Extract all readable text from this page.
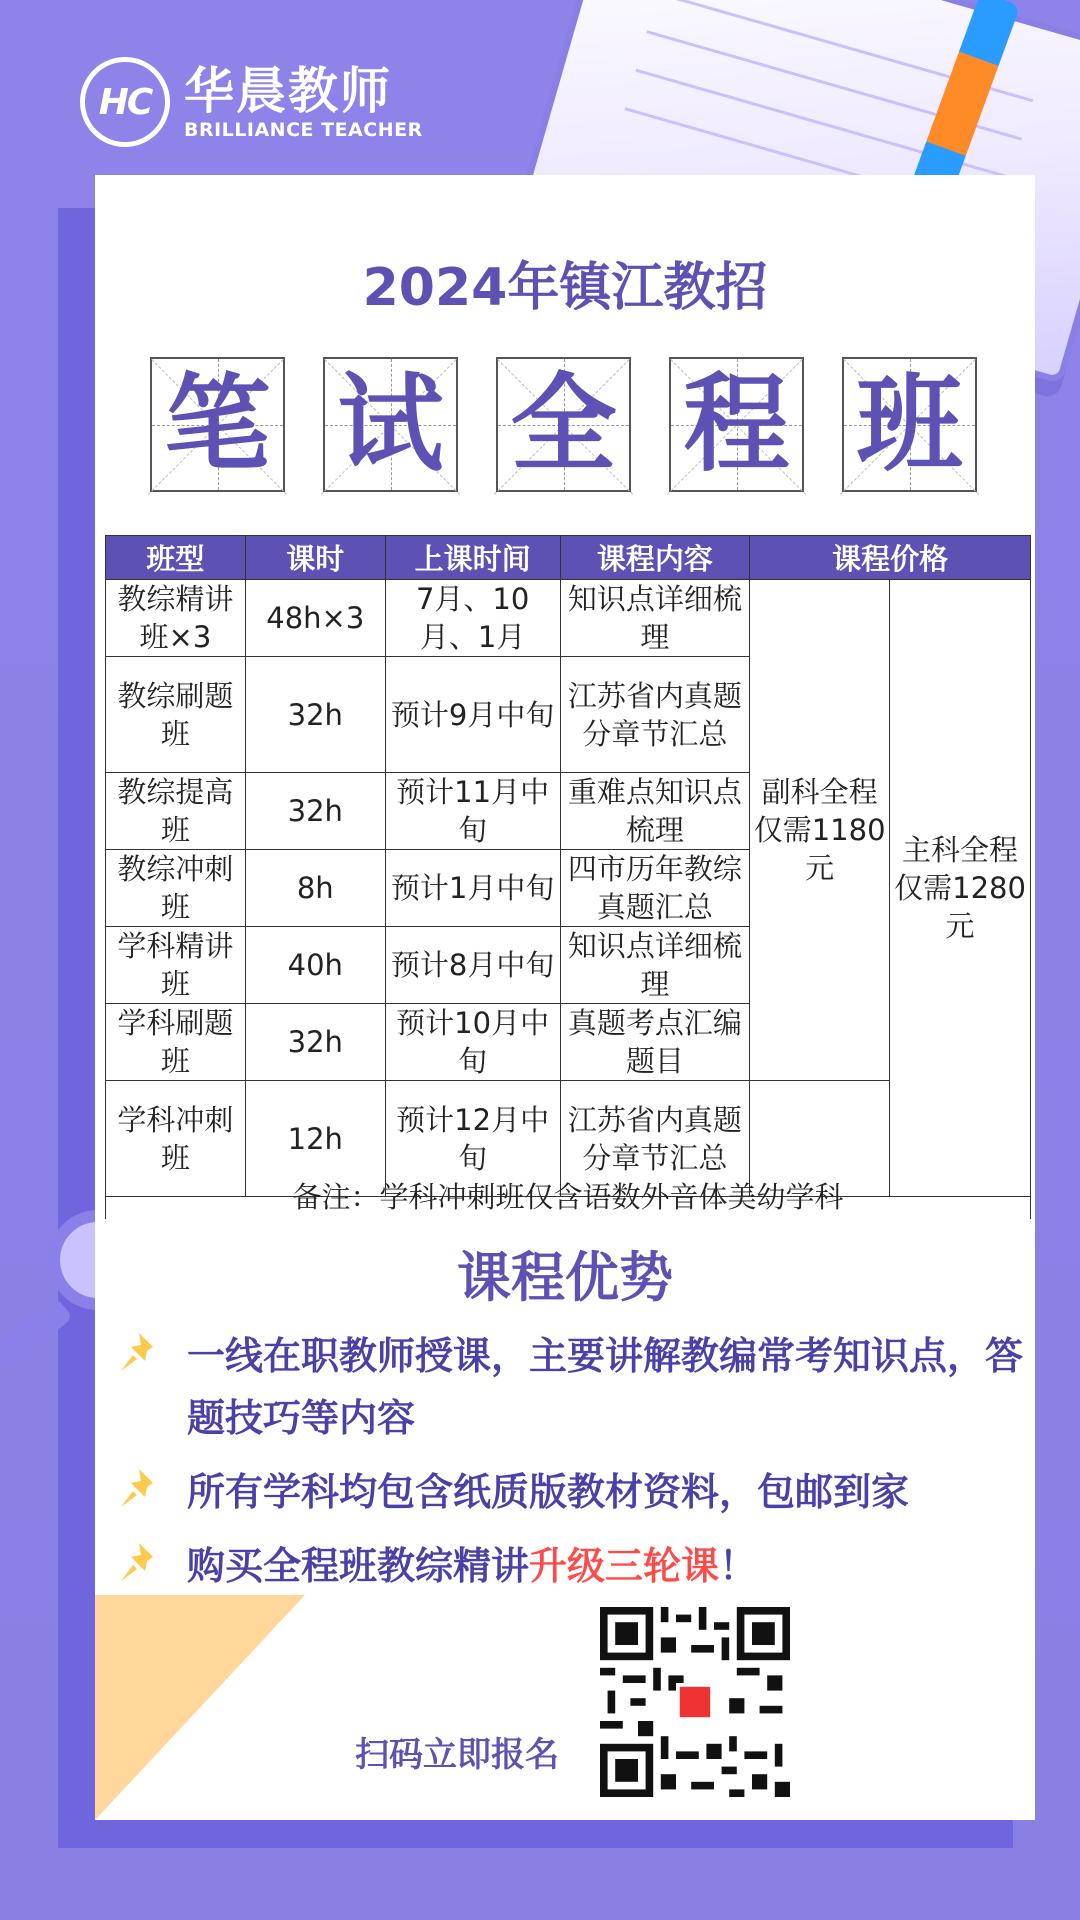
HC 华晨教师
BRILLIANCE TEACHER
2024年镇江教招
笔 试 全 程 班
班型	课时	上课时间	课程内容	课程价格	
教综精讲班×3	48h×3	7月、10月、1月	知识点详细梳理	副科全程仅需1180元	主科全程仅需1280元
教综刷题班	32h	预计9月中旬	江苏省内真题分章节汇总		
教综提高班	32h	预计11月中旬	重难点知识点梳理		
教综冲刺班	8h	预计1月中旬	四市历年教综真题汇总		
学科精讲班	40h	预计8月中旬	知识点详细梳理		
学科刷题班	32h	预计10月中旬	真题考点汇编题目		
学科冲刺班	12h	预计12月中旬	江苏省内真题分章节汇总		
备注：学科冲刺班仅含语数外音体美幼学科
课程优势
一线在职教师授课，主要讲解教编常考知识点，答题技巧等内容
所有学科均包含纸质版教材资料，包邮到家
购买全程班教综精讲升级三轮课！
扫码立即报名
